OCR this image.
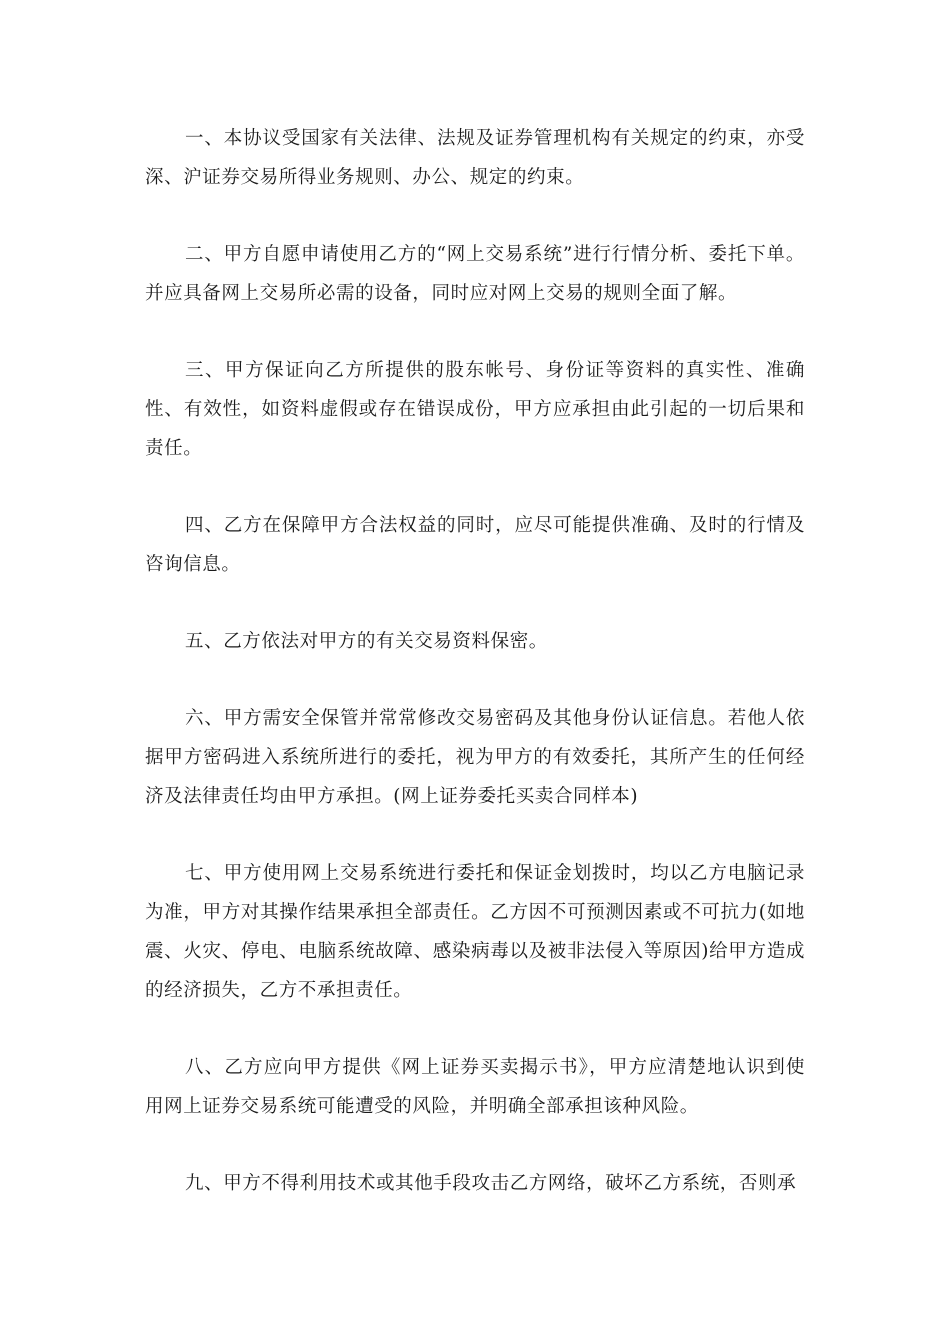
一、本协议受国家有关法律、法规及证券管理机构有关规定的约束，亦受深、沪证券交易所得业务规则、办公、规定的约束。

二、甲方自愿申请使用乙方的“网上交易系统”进行行情分析、委托下单。并应具备网上交易所必需的设备，同时应对网上交易的规则全面了解。

三、甲方保证向乙方所提供的股东帐号、身份证等资料的真实性、准确性、有效性，如资料虚假或存在错误成份，甲方应承担由此引起的一切后果和责任。

四、乙方在保障甲方合法权益的同时，应尽可能提供准确、及时的行情及咨询信息。

五、乙方依法对甲方的有关交易资料保密。

六、甲方需安全保管并常常修改交易密码及其他身份认证信息。若他人依据甲方密码进入系统所进行的委托，视为甲方的有效委托，其所产生的任何经济及法律责任均由甲方承担。(网上证券委托买卖合同样本)

七、甲方使用网上交易系统进行委托和保证金划拨时，均以乙方电脑记录为准，甲方对其操作结果承担全部责任。乙方因不可预测因素或不可抗力(如地震、火灾、停电、电脑系统故障、感染病毒以及被非法侵入等原因)给甲方造成的经济损失，乙方不承担责任。

八、乙方应向甲方提供《网上证券买卖揭示书》，甲方应清楚地认识到使用网上证券交易系统可能遭受的风险，并明确全部承担该种风险。

九、甲方不得利用技术或其他手段攻击乙方网络，破坏乙方系统，否则承
